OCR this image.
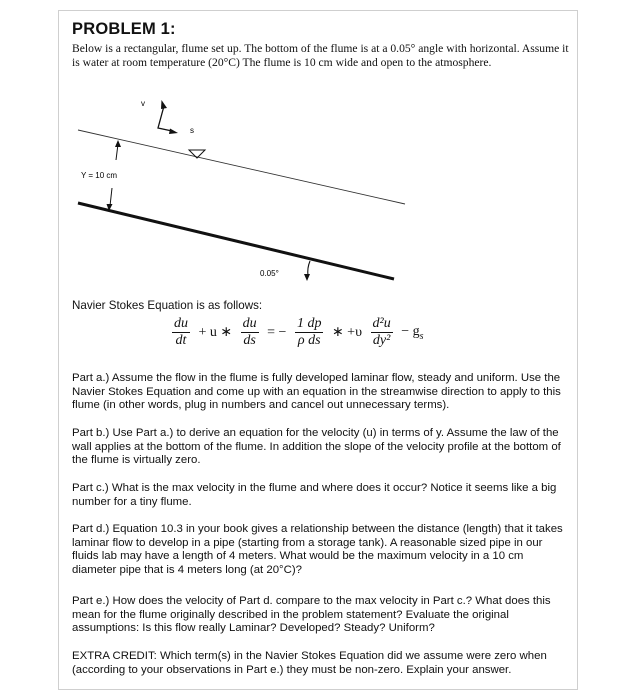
PROBLEM 1:
Below is a rectangular, flume set up. The bottom of the flume is at a 0.05° angle with horizontal. Assume it is water at room temperature (20°C) The flume is 10 cm wide and open to the atmosphere.
v
s
Y = 10 cm
0.05°
Navier Stokes Equation is as follows:
$\frac{du}{dt} + u$ ∗ $\frac{du}{ds}$ = − $\frac{1 dp}{\text{ρ ds}}$ ∗ $+\upsilon \frac{\text{d²u}}{\text{dy²}} - g_s$
Part a.) Assume the flow in the flume is fully developed laminar flow, steady and uniform. Use the Navier Stokes Equation and come up with an equation in the streamwise direction to apply to this flume (in other words, plug in numbers and cancel out unnecessary terms).
Part b.) Use Part a.) to derive an equation for the velocity (u) in terms of y. Assume the law of the wall applies at the bottom of the flume. In addition the slope of the velocity profile at the bottom of the flume is virtually zero.
Part c.) What is the max velocity in the flume and where does it occur? Notice it seems like a big number for a tiny flume.
Part d.) Equation 10.3 in your book gives a relationship between the distance (length) that it takes laminar flow to develop in a pipe (starting from a storage tank). A reasonable sized pipe in our fluids lab may have a length of 4 meters. What would be the maximum velocity in a 10 cm diameter pipe that is 4 meters long (at 20°C)?
Part e.) How does the velocity of Part d. compare to the max velocity in Part c.? What does this mean for the flume originally described in the problem statement? Evaluate the original assumptions: Is this flow really Laminar? Developed? Steady? Uniform?
EXTRA CREDIT: Which term(s) in the Navier Stokes Equation did we assume were zero when (according to your observations in Part e.) they must be non-zero. Explain your answer.
